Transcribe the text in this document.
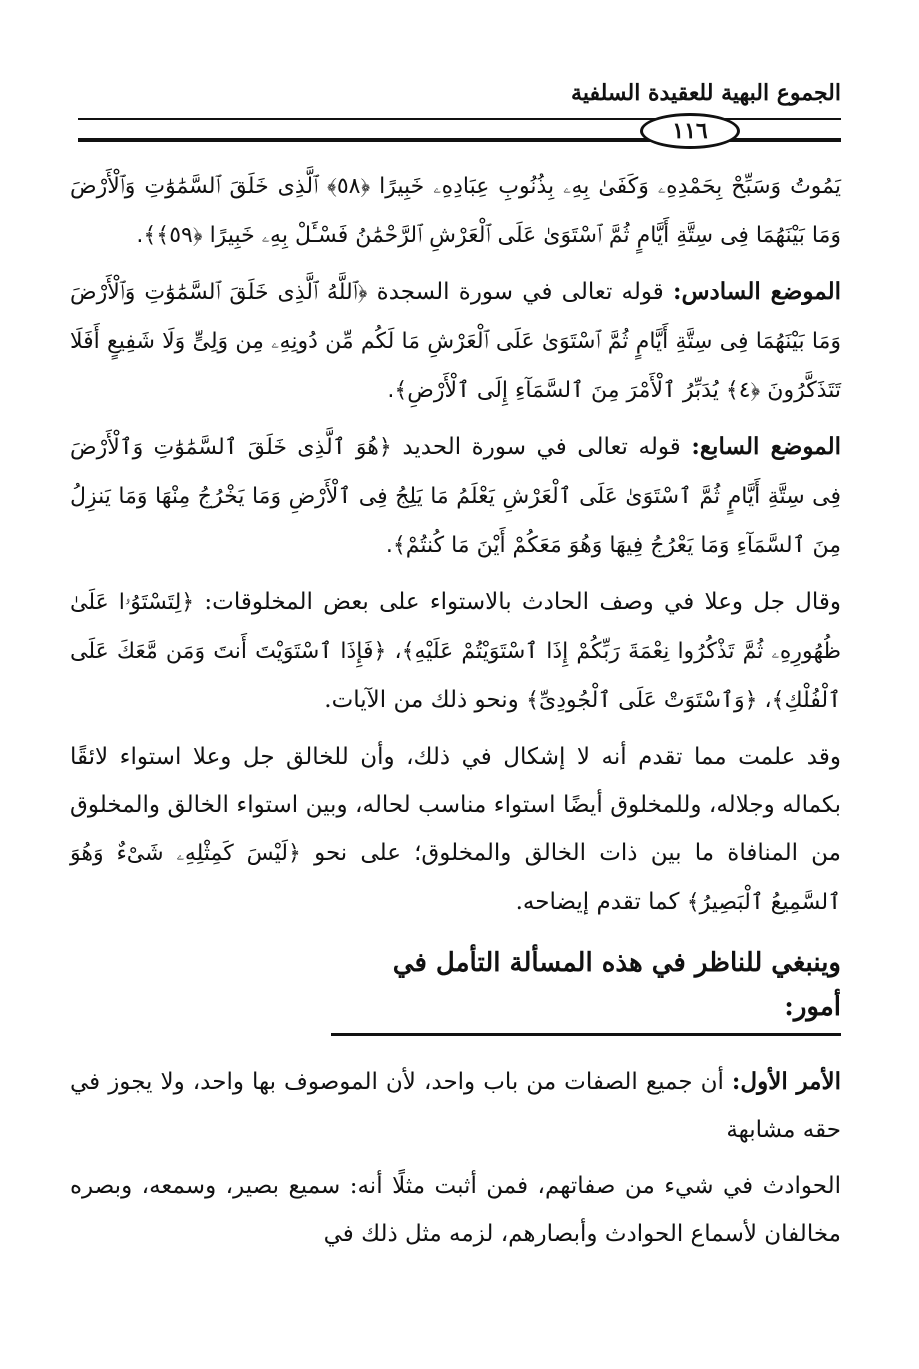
الجموع البهية للعقيدة السلفية
١١٦

يَمُوتُ وَسَبِّحْ بِحَمْدِهِۦ وَكَفَىٰ بِهِۦ بِذُنُوبِ عِبَادِهِۦ خَبِيرًا ﴿٥٨﴾ ٱلَّذِى خَلَقَ ٱلسَّمَٰوَٰتِ وَٱلْأَرْضَ وَمَا بَيْنَهُمَا فِى سِتَّةِ أَيَّامٍ ثُمَّ ٱسْتَوَىٰ عَلَى ٱلْعَرْشِ ٱلرَّحْمَٰنُ فَسْـَٔلْ بِهِۦ خَبِيرًا ﴿٥٩﴾﴾.

الموضع السادس: قوله تعالى في سورة السجدة ﴿ٱللَّهُ ٱلَّذِى خَلَقَ ٱلسَّمَٰوَٰتِ وَٱلْأَرْضَ وَمَا بَيْنَهُمَا فِى سِتَّةِ أَيَّامٍ ثُمَّ ٱسْتَوَىٰ عَلَى ٱلْعَرْشِ مَا لَكُم مِّن دُونِهِۦ مِن وَلِىٍّ وَلَا شَفِيعٍ أَفَلَا تَتَذَكَّرُونَ ﴿٤﴾ يُدَبِّرُ ٱلْأَمْرَ مِنَ ٱلسَّمَآءِ إِلَى ٱلْأَرْضِ﴾.

الموضع السابع: قوله تعالى في سورة الحديد ﴿هُوَ ٱلَّذِى خَلَقَ ٱلسَّمَٰوَٰتِ وَٱلْأَرْضَ فِى سِتَّةِ أَيَّامٍ ثُمَّ ٱسْتَوَىٰ عَلَى ٱلْعَرْشِ يَعْلَمُ مَا يَلِجُ فِى ٱلْأَرْضِ وَمَا يَخْرُجُ مِنْهَا وَمَا يَنزِلُ مِنَ ٱلسَّمَآءِ وَمَا يَعْرُجُ فِيهَا وَهُوَ مَعَكُمْ أَيْنَ مَا كُنتُمْ﴾.

وقال جل وعلا في وصف الحادث بالاستواء على بعض المخلوقات: ﴿لِتَسْتَوُۥا عَلَىٰ ظُهُورِهِۦ ثُمَّ تَذْكُرُوا نِعْمَةَ رَبِّكُمْ إِذَا ٱسْتَوَيْتُمْ عَلَيْهِ﴾، ﴿فَإِذَا ٱسْتَوَيْتَ أَنتَ وَمَن مَّعَكَ عَلَى ٱلْفُلْكِ﴾، ﴿وَٱسْتَوَتْ عَلَى ٱلْجُودِىِّ﴾ ونحو ذلك من الآيات.

وقد علمت مما تقدم أنه لا إشكال في ذلك، وأن للخالق جل وعلا استواء لائقًا بكماله وجلاله، وللمخلوق أيضًا استواء مناسب لحاله، وبين استواء الخالق والمخلوق من المنافاة ما بين ذات الخالق والمخلوق؛ على نحو ﴿لَيْسَ كَمِثْلِهِۦ شَىْءٌ وَهُوَ ٱلسَّمِيعُ ٱلْبَصِيرُ﴾ كما تقدم إيضاحه.

وينبغي للناظر في هذه المسألة التأمل في أمور:

الأمر الأول: أن جميع الصفات من باب واحد، لأن الموصوف بها واحد، ولا يجوز في حقه مشابهة

الحوادث في شيء من صفاتهم، فمن أثبت مثلًا أنه: سميع بصير، وسمعه، وبصره مخالفان لأسماع الحوادث وأبصارهم، لزمه مثل ذلك في
